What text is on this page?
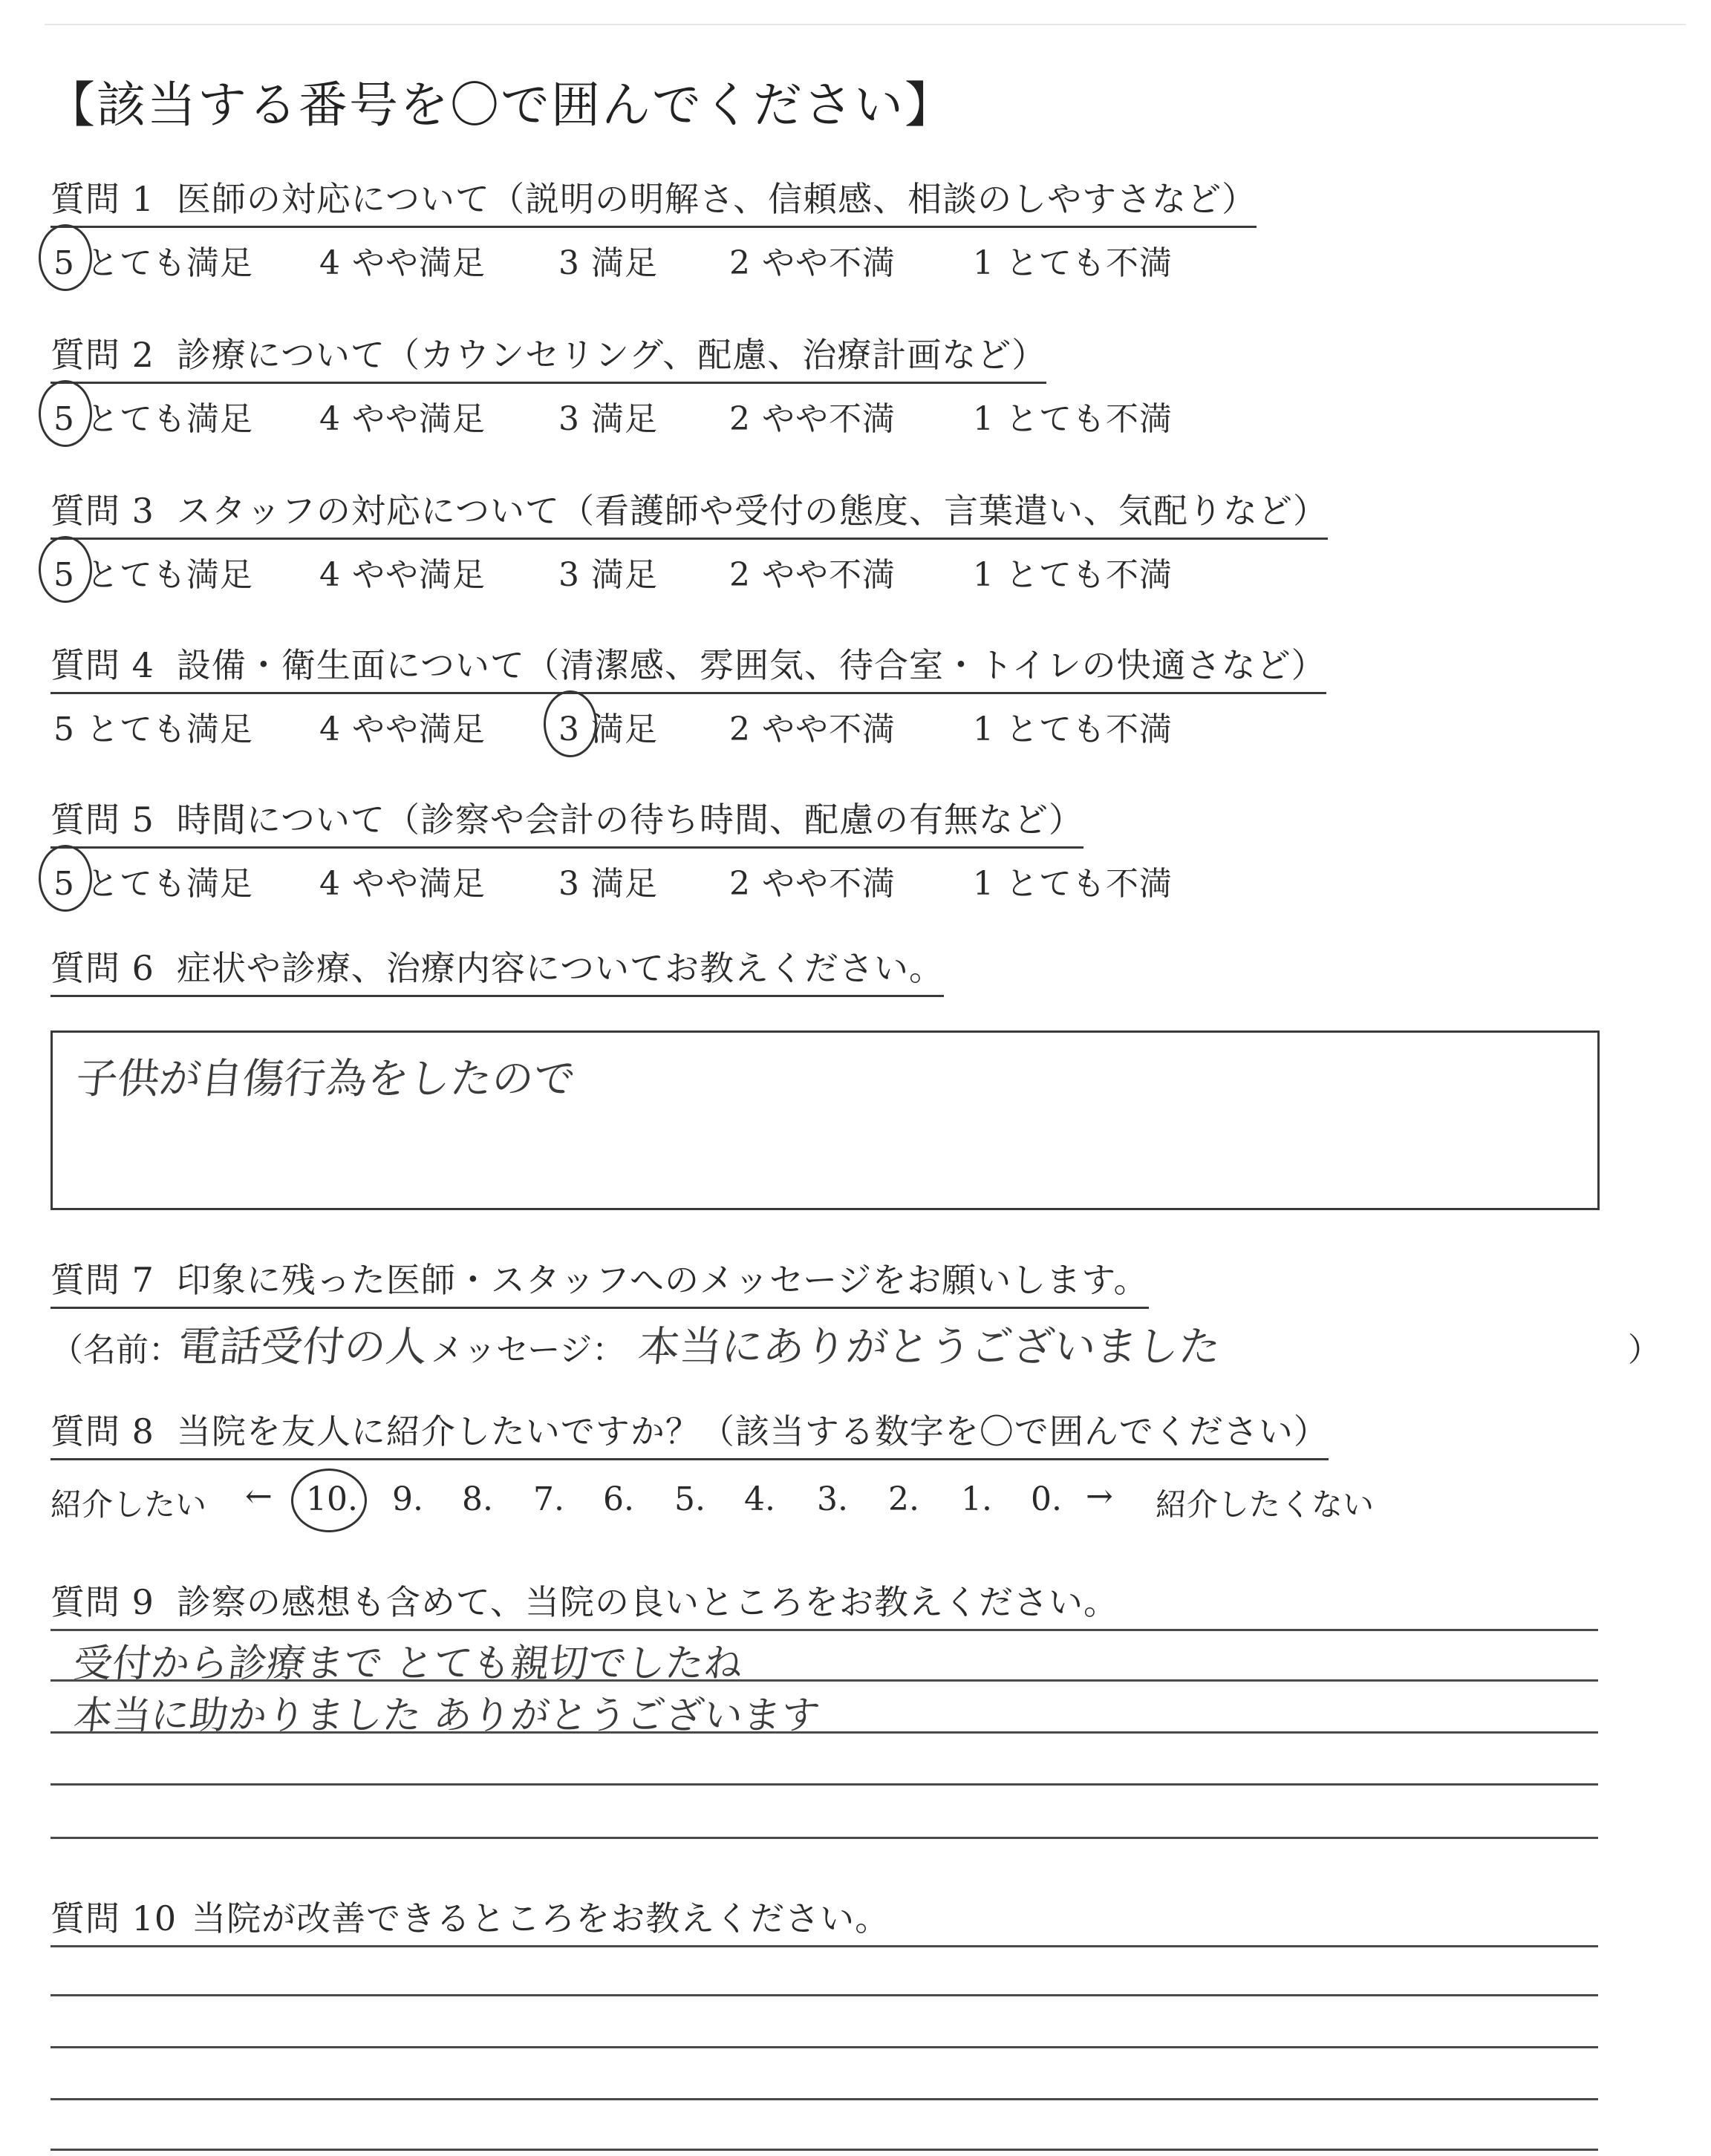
【該当する番号を〇で囲んでください】
質問 1 医師の対応について（説明の明解さ、信頼感、相談のしやすさなど）
5 とても満足 4 やや満足 3 満足 2 やや不満 1 とても不満
質問 2 診療について（カウンセリング、配慮、治療計画など）
5 とても満足 4 やや満足 3 満足 2 やや不満 1 とても不満
質問 3 スタッフの対応について（看護師や受付の態度、言葉遣い、気配りなど）
5 とても満足 4 やや満足 3 満足 2 やや不満 1 とても不満
質問 4 設備・衛生面について（清潔感、雰囲気、待合室・トイレの快適さなど）
5 とても満足 4 やや満足 3 満足 2 やや不満 1 とても不満
質問 5 時間について（診察や会計の待ち時間、配慮の有無など）
5 とても満足 4 やや満足 3 満足 2 やや不満 1 とても不満
質問 6 症状や診療、治療内容についてお教えください。
子供が自傷行為をしたので
質問 7 印象に残った医師・スタッフへのメッセージをお願いします。
（名前：
電話受付の人 メッセージ： 本当にありがとうございました	）
質問 8 当院を友人に紹介したいですか？（該当する数字を〇で囲んでください）
紹介したい ← 10. 9. 8. 7. 6. 5. 4. 3. 2. 1. 0. → 紹介したくない
質問 9 診察の感想も含めて、当院の良いところをお教えください。
受付から診療まで とても親切でしたね
本当に助かりました ありがとうございます
質問 10 当院が改善できるところをお教えください。
